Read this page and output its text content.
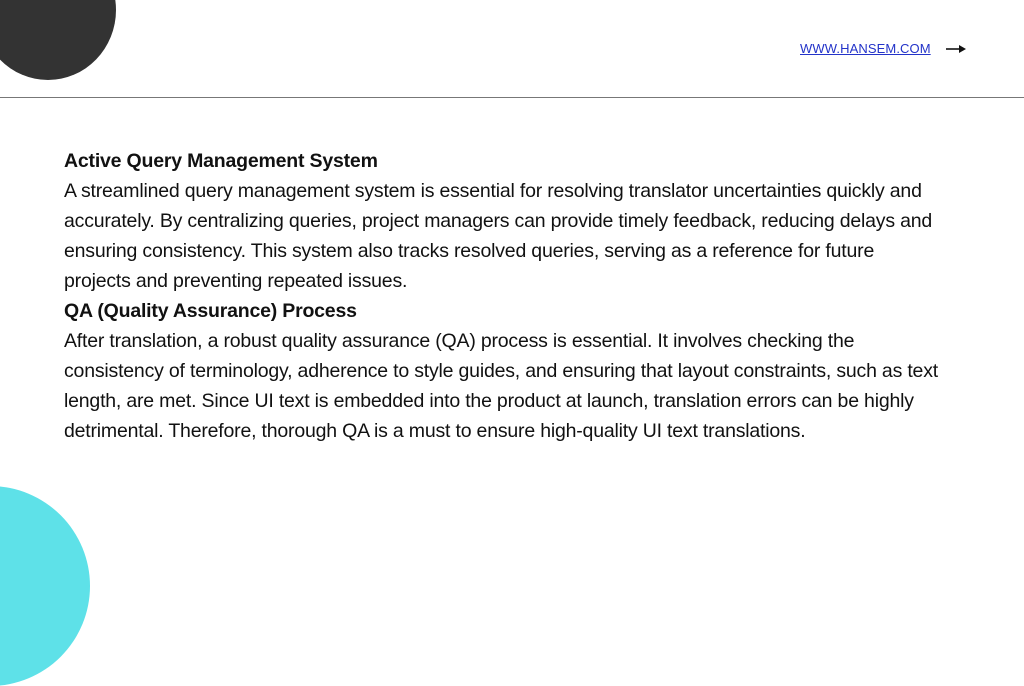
WWW.HANSEM.COM

Active Query Management System

A streamlined query management system is essential for resolving translator uncertainties quickly and accurately. By centralizing queries, project managers can provide timely feedback, reducing delays and ensuring consistency. This system also tracks resolved queries, serving as a reference for future projects and preventing repeated issues.

QA (Quality Assurance) Process

After translation, a robust quality assurance (QA) process is essential. It involves checking the consistency of terminology, adherence to style guides, and ensuring that layout constraints, such as text length, are met. Since UI text is embedded into the product at launch, translation errors can be highly detrimental. Therefore, thorough QA is a must to ensure high-quality UI text translations.
